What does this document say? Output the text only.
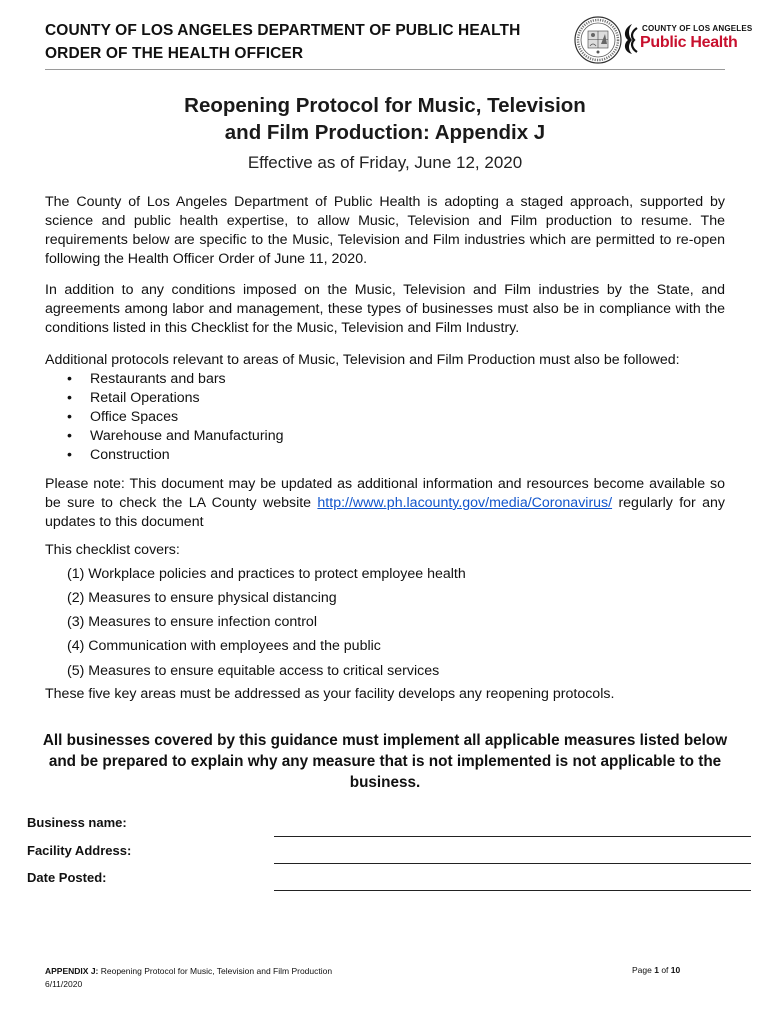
COUNTY OF LOS ANGELES DEPARTMENT OF PUBLIC HEALTH
ORDER OF THE HEALTH OFFICER
COUNTY OF LOS ANGELES
Public Health
Reopening Protocol for Music, Television
and Film Production: Appendix J
Effective as of Friday, June 12, 2020
The County of Los Angeles Department of Public Health is adopting a staged approach, supported by science and public health expertise, to allow Music, Television and Film production to resume. The requirements below are specific to the Music, Television and Film industries which are permitted to re-open following the Health Officer Order of June 11, 2020.
In addition to any conditions imposed on the Music, Television and Film industries by the State, and agreements among labor and management, these types of businesses must also be in compliance with the conditions listed in this Checklist for the Music, Television and Film Industry.
Additional protocols relevant to areas of Music, Television and Film Production must also be followed:
• Restaurants and bars
• Retail Operations
• Office Spaces
• Warehouse and Manufacturing
• Construction
Please note: This document may be updated as additional information and resources become available so be sure to check the LA County website http://www.ph.lacounty.gov/media/Coronavirus/ regularly for any updates to this document
This checklist covers:
(1) Workplace policies and practices to protect employee health
(2) Measures to ensure physical distancing
(3) Measures to ensure infection control
(4) Communication with employees and the public
(5) Measures to ensure equitable access to critical services
These five key areas must be addressed as your facility develops any reopening protocols.
All businesses covered by this guidance must implement all applicable measures listed below and be prepared to explain why any measure that is not implemented is not applicable to the business.
Business name:
Facility Address:
Date Posted:
APPENDIX J: Reopening Protocol for Music, Television and Film Production
6/11/2020
Page 1 of 10
